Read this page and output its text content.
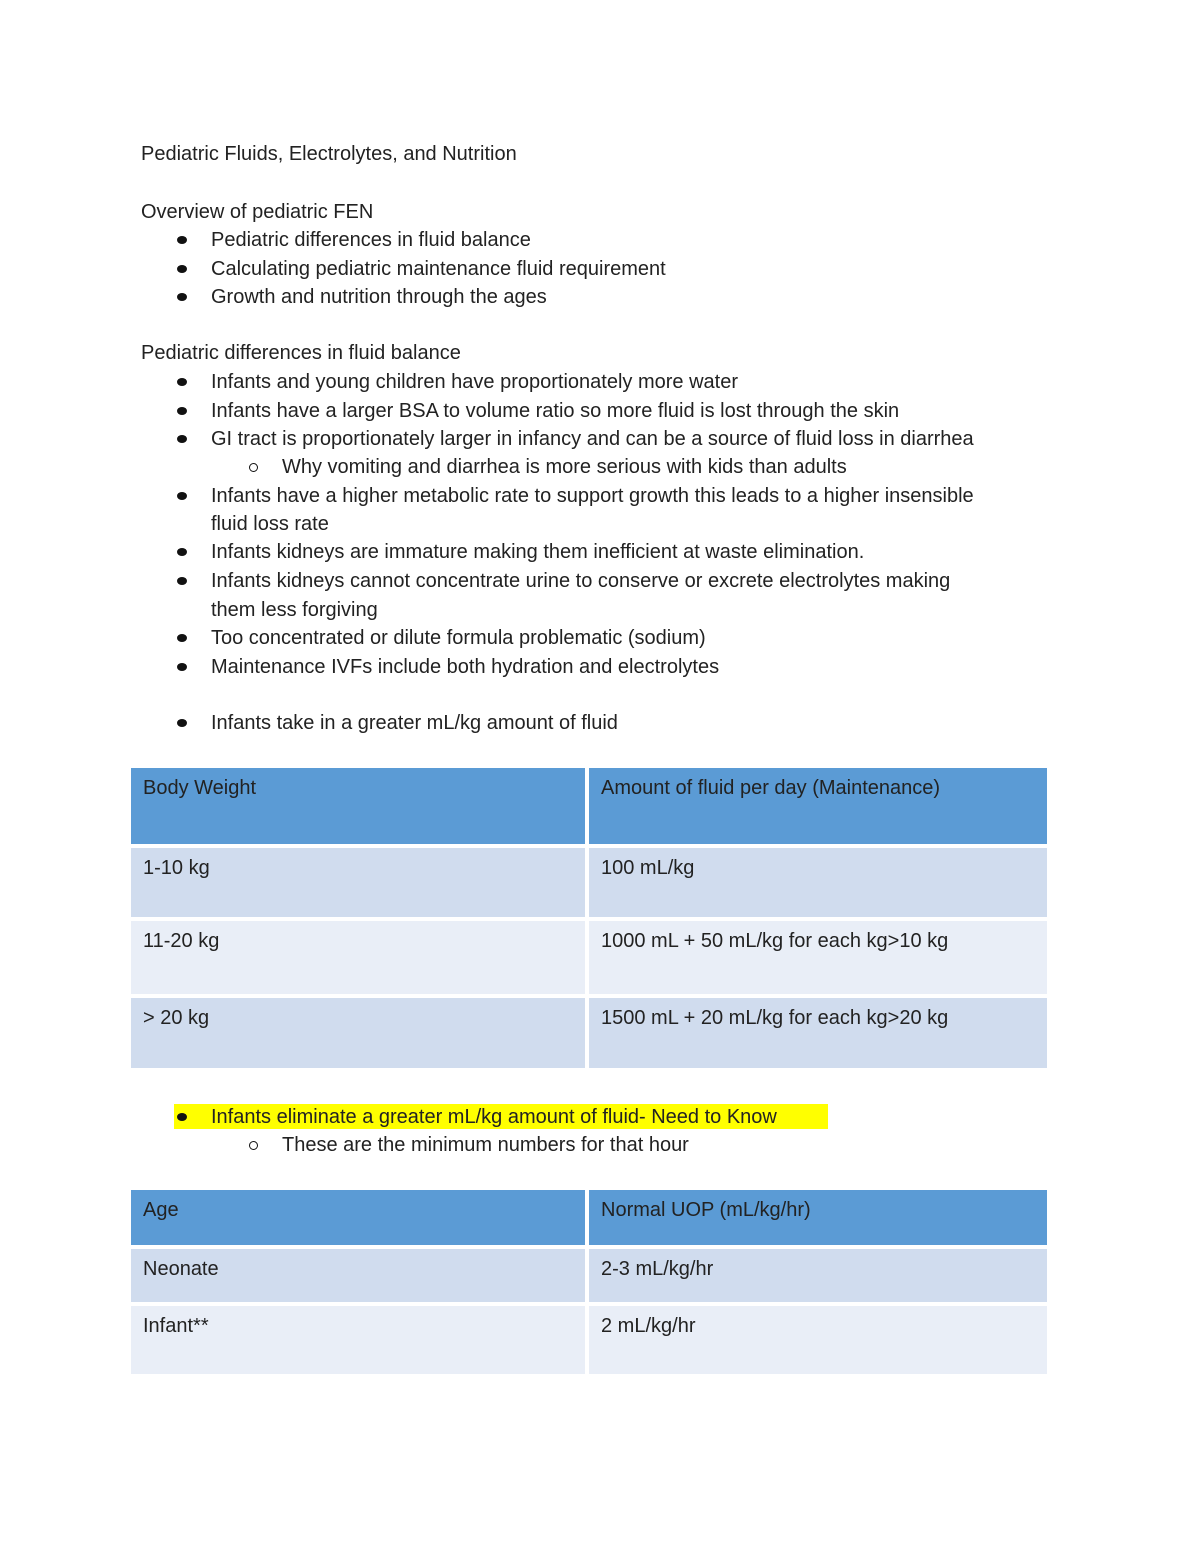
Pediatric Fluids, Electrolytes, and Nutrition
Overview of pediatric FEN
Pediatric differences in fluid balance
Calculating pediatric maintenance fluid requirement
Growth and nutrition through the ages
Pediatric differences in fluid balance
Infants and young children have proportionately more water
Infants have a larger BSA to volume ratio so more fluid is lost through the skin
GI tract is proportionately larger in infancy and can be a source of fluid loss in diarrhea
Why vomiting and diarrhea is more serious with kids than adults
Infants have a higher metabolic rate to support growth this leads to a higher insensible
fluid loss rate
Infants kidneys are immature making them inefficient at waste elimination.
Infants kidneys cannot concentrate urine to conserve or excrete electrolytes making
them less forgiving
Too concentrated or dilute formula problematic (sodium)
Maintenance IVFs include both hydration and electrolytes
Infants take in a greater mL/kg amount of fluid
Body Weight	Amount of fluid per day (Maintenance)
1-10 kg	100 mL/kg
11-20 kg	1000 mL + 50 mL/kg for each kg>10 kg
> 20 kg	1500 mL + 20 mL/kg for each kg>20 kg
Infants eliminate a greater mL/kg amount of fluid- Need to Know
These are the minimum numbers for that hour
Age	Normal UOP (mL/kg/hr)
Neonate	2-3 mL/kg/hr
Infant**	2 mL/kg/hr
